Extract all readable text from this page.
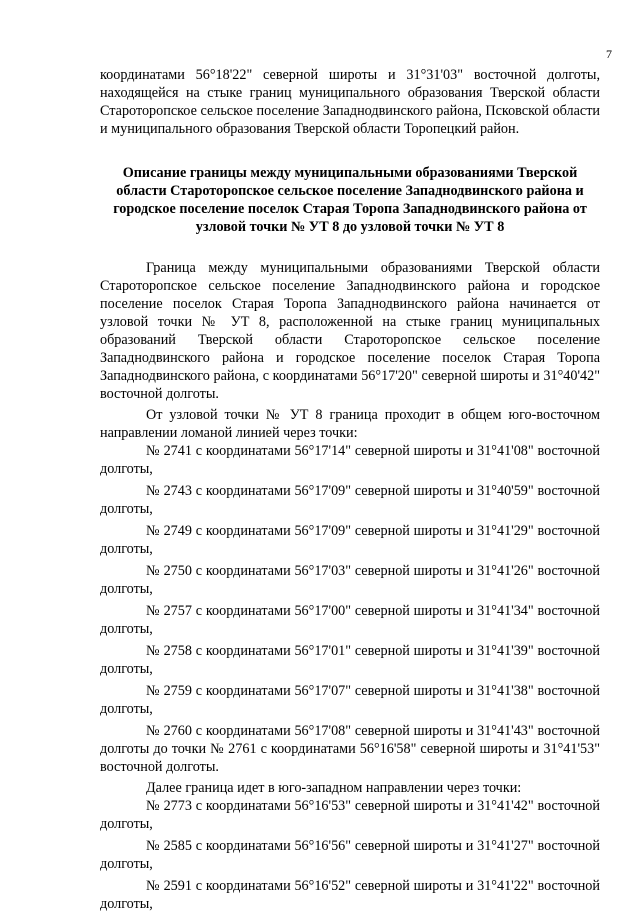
7

координатами 56°18'22" северной широты и 31°31'03" восточной долготы, находящейся на стыке границ муниципального образования Тверской области Староторопское сельское поселение Западнодвинского района, Псковской области и муниципального образования Тверской области Торопецкий район.

Описание границы между муниципальными образованиями Тверской области Староторопское сельское поселение Западнодвинского района и городское поселение поселок Старая Торопа Западнодвинского района от узловой точки № УТ 8 до узловой точки № УТ 8

Граница между муниципальными образованиями Тверской области Староторопское сельское поселение Западнодвинского района и городское поселение поселок Старая Торопа Западнодвинского района начинается от узловой точки № УТ 8, расположенной на стыке границ муниципальных образований Тверской области Староторопское сельское поселение Западнодвинского района и городское поселение поселок Старая Торопа Западнодвинского района, с координатами 56°17'20" северной широты и 31°40'42" восточной долготы.

От узловой точки № УТ 8 граница проходит в общем юго-восточном направлении ломаной линией через точки:

№ 2741 с координатами 56°17'14" северной широты и 31°41'08" восточной долготы,

№ 2743 с координатами 56°17'09" северной широты и 31°40'59" восточной долготы,

№ 2749 с координатами 56°17'09" северной широты и 31°41'29" восточной долготы,

№ 2750 с координатами 56°17'03" северной широты и 31°41'26" восточной долготы,

№ 2757 с координатами 56°17'00" северной широты и 31°41'34" восточной долготы,

№ 2758 с координатами 56°17'01" северной широты и 31°41'39" восточной долготы,

№ 2759 с координатами 56°17'07" северной широты и 31°41'38" восточной долготы,

№ 2760 с координатами 56°17'08" северной широты и 31°41'43" восточной долготы до точки № 2761 с координатами 56°16'58" северной широты и 31°41'53" восточной долготы.

Далее граница идет в юго-западном направлении через точки:

№ 2773 с координатами 56°16'53" северной широты и 31°41'42" восточной долготы,

№ 2585 с координатами 56°16'56" северной широты и 31°41'27" восточной долготы,

№ 2591 с координатами 56°16'52" северной широты и 31°41'22" восточной долготы,
